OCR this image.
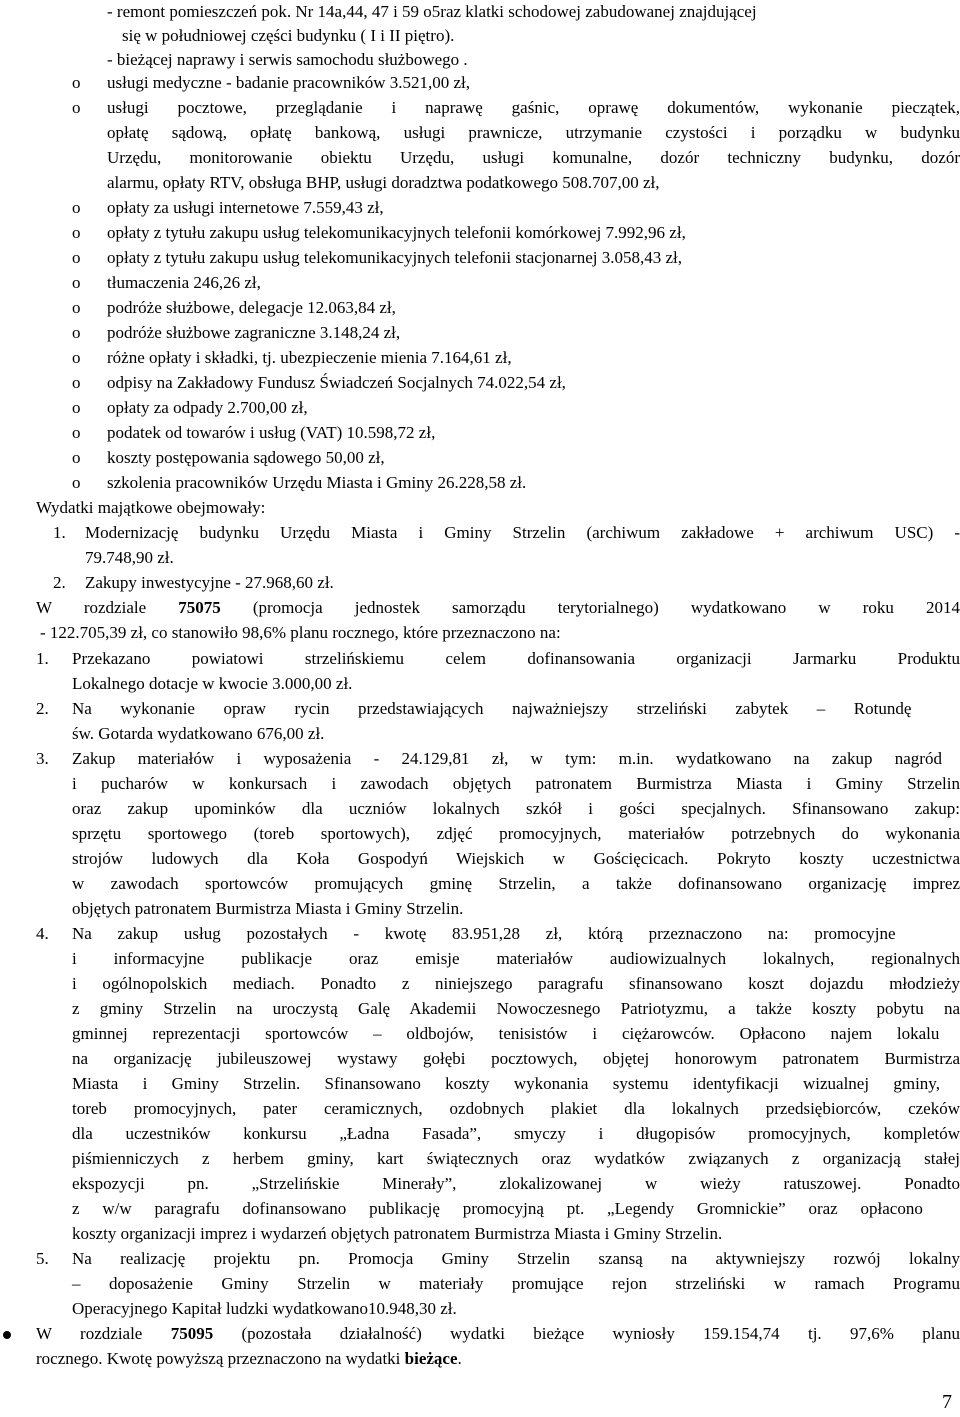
- remont pomieszczeń pok. Nr 14a,44, 47 i 59 o5raz klatki schodowej zabudowanej znajdującej
się w południowej części budynku ( I i II piętro).
- bieżącej naprawy i serwis samochodu służbowego .
o usługi medyczne - badanie pracowników 3.521,00 zł,
o usługi pocztowe, przeglądanie i naprawę gaśnic, oprawę dokumentów, wykonanie pieczątek,
opłatę sądową, opłatę bankową, usługi prawnicze, utrzymanie czystości i porządku w budynku
Urzędu, monitorowanie obiektu Urzędu, usługi komunalne, dozór techniczny budynku, dozór
alarmu, opłaty RTV, obsługa BHP, usługi doradztwa podatkowego 508.707,00 zł,
o opłaty za usługi internetowe 7.559,43 zł,
o opłaty z tytułu zakupu usług telekomunikacyjnych telefonii komórkowej 7.992,96 zł,
o opłaty z tytułu zakupu usług telekomunikacyjnych telefonii stacjonarnej 3.058,43 zł,
o tłumaczenia 246,26 zł,
o podróże służbowe, delegacje 12.063,84 zł,
o podróże służbowe zagraniczne 3.148,24 zł,
o różne opłaty i składki, tj. ubezpieczenie mienia 7.164,61 zł,
o odpisy na Zakładowy Fundusz Świadczeń Socjalnych 74.022,54 zł,
o opłaty za odpady 2.700,00 zł,
o podatek od towarów i usług (VAT) 10.598,72 zł,
o koszty postępowania sądowego 50,00 zł,
o szkolenia pracowników Urzędu Miasta i Gminy 26.228,58 zł.
Wydatki majątkowe obejmowały:
1. Modernizację budynku Urzędu Miasta i Gminy Strzelin (archiwum zakładowe + archiwum USC) -
79.748,90 zł.
2. Zakupy inwestycyjne - 27.968,60 zł.
W rozdziale 75075 (promocja jednostek samorządu terytorialnego) wydatkowano w roku 2014
- 122.705,39 zł, co stanowiło 98,6% planu rocznego, które przeznaczono na:
1. Przekazano powiatowi strzelińskiemu celem dofinansowania organizacji Jarmarku Produktu
Lokalnego dotacje w kwocie 3.000,00 zł.
2. Na wykonanie opraw rycin przedstawiających najważniejszy strzeliński zabytek – Rotundę
św. Gotarda wydatkowano 676,00 zł.
3. Zakup materiałów i wyposażenia - 24.129,81 zł, w tym: m.in. wydatkowano na zakup nagród
i pucharów w konkursach i zawodach objętych patronatem Burmistrza Miasta i Gminy Strzelin
oraz zakup upominków dla uczniów lokalnych szkół i gości specjalnych. Sfinansowano zakup:
sprzętu sportowego (toreb sportowych), zdjęć promocyjnych, materiałów potrzebnych do wykonania
strojów ludowych dla Koła Gospodyń Wiejskich w Gościęcicach. Pokryto koszty uczestnictwa
w zawodach sportowców promujących gminę Strzelin, a także dofinansowano organizację imprez
objętych patronatem Burmistrza Miasta i Gminy Strzelin.
4. Na zakup usług pozostałych - kwotę 83.951,28 zł, którą przeznaczono na: promocyjne
i informacyjne publikacje oraz emisje materiałów audiowizualnych lokalnych, regionalnych
i ogólnopolskich mediach. Ponadto z niniejszego paragrafu sfinansowano koszt dojazdu młodzieży
z gminy Strzelin na uroczystą Galę Akademii Nowoczesnego Patriotyzmu, a także koszty pobytu na
gminnej reprezentacji sportowców – oldbojów, tenisistów i ciężarowców. Opłacono najem lokalu
na organizację jubileuszowej wystawy gołębi pocztowych, objętej honorowym patronatem Burmistrza
Miasta i Gminy Strzelin. Sfinansowano koszty wykonania systemu identyfikacji wizualnej gminy,
toreb promocyjnych, pater ceramicznych, ozdobnych plakiet dla lokalnych przedsiębiorców, czeków
dla uczestników konkursu „Ładna Fasada”, smyczy i długopisów promocyjnych, kompletów
piśmienniczych z herbem gminy, kart świątecznych oraz wydatków związanych z organizacją stałej
ekspozycji pn. „Strzelińskie Minerały”, zlokalizowanej w wieży ratuszowej. Ponadto
z w/w paragrafu dofinansowano publikację promocyjną pt. „Legendy Gromnickie” oraz opłacono
koszty organizacji imprez i wydarzeń objętych patronatem Burmistrza Miasta i Gminy Strzelin.
5. Na realizację projektu pn. Promocja Gminy Strzelin szansą na aktywniejszy rozwój lokalny
– doposażenie Gminy Strzelin w materiały promujące rejon strzeliński w ramach Programu
Operacyjnego Kapitał ludzki wydatkowano10.948,30 zł.
W rozdziale 75095 (pozostała działalność) wydatki bieżące wyniosły 159.154,74 tj. 97,6% planu
rocznego. Kwotę powyższą przeznaczono na wydatki bieżące.
7
